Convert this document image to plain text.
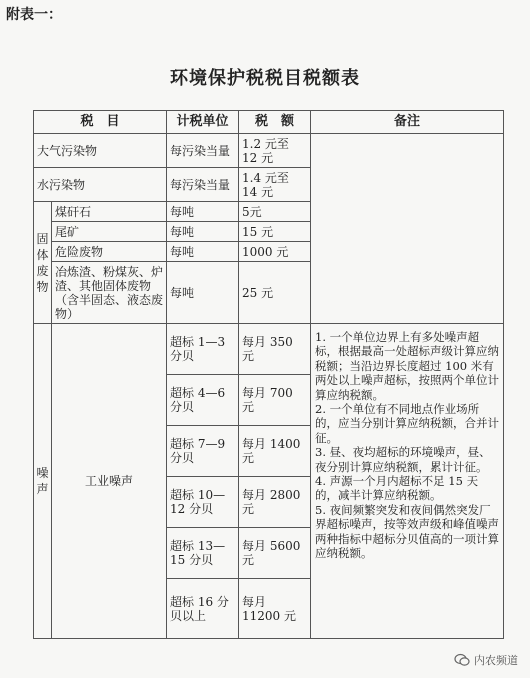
附表一：
环境保护税税目税额表
税　目		计税单位	税　额	备注
大气污染物		每污染当量	1.2 元至 12 元	
水污染物		每污染当量	1.4 元至 14 元	
固体废物	煤矸石	每吨	5元	
	尾矿	每吨	15 元	
	危险废物	每吨	1000 元	
	冶炼渣、粉煤灰、炉渣、其他固体废物（含半固态、液态废物）	每吨	25 元	
噪声	工业噪声	超标 1—3 分贝	每月 350 元	1. 一个单位边界上有多处噪声超标，根据最高一处超标声级计算应纳税额；当沿边界长度超过 100 米有两处以上噪声超标，按照两个单位计算应纳税额。

2. 一个单位有不同地点作业场所的，应当分别计算应纳税额，合并计征。

3. 昼、夜均超标的环境噪声，昼、夜分别计算应纳税额，累计计征。

4. 声源一个月内超标不足 15 天的，减半计算应纳税额。

5. 夜间频繁突发和夜间偶然突发厂界超标噪声，按等效声级和峰值噪声两种指标中超标分贝值高的一项计算应纳税额。

		超标 4—6 分贝	每月 700 元	
		超标 7—9 分贝	每月 1400 元	
		超标 10—12 分贝	每月 2800 元	
		超标 13—15 分贝	每月 5600 元	
		超标 16 分贝以上	每月 11200 元	
内农频道
